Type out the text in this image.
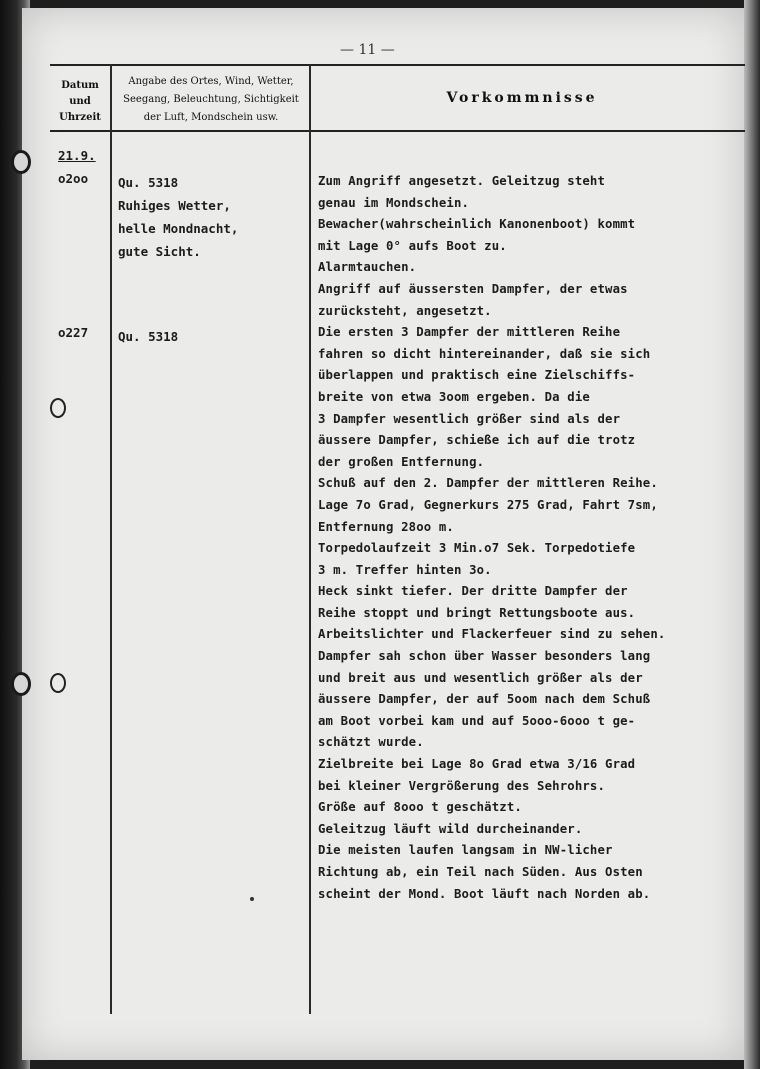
— 11 —
Datum
und
Uhrzeit
Angabe des Ortes, Wind, Wetter,
Seegang, Beleuchtung, Sichtigkeit
der Luft, Mondschein usw.
Vorkommnisse
21.9.
o2oo
o227
Qu. 5318
Ruhiges Wetter,
helle Mondnacht,
gute Sicht.
Qu. 5318
Zum Angriff angesetzt. Geleitzug steht
genau im Mondschein.
Bewacher(wahrscheinlich Kanonenboot) kommt
mit Lage 0° aufs Boot zu.
Alarmtauchen.
Angriff auf äussersten Dampfer, der etwas
zurücksteht, angesetzt.
Die ersten 3 Dampfer der mittleren Reihe
fahren so dicht hintereinander, daß sie sich
überlappen und praktisch eine Zielschiffs-
breite von etwa 3oom ergeben. Da die
3 Dampfer wesentlich größer sind als der
äussere Dampfer, schieße ich auf die trotz
der großen Entfernung.
Schuß auf den 2. Dampfer der mittleren Reihe.
Lage 7o Grad, Gegnerkurs 275 Grad, Fahrt 7sm,
Entfernung 28oo m.
Torpedolaufzeit 3 Min.o7 Sek. Torpedotiefe
3 m. Treffer hinten 3o.
Heck sinkt tiefer. Der dritte Dampfer der
Reihe stoppt und bringt Rettungsboote aus.
Arbeitslichter und Flackerfeuer sind zu sehen.
Dampfer sah schon über Wasser besonders lang
und breit aus und wesentlich größer als der
äussere Dampfer, der auf 5oom nach dem Schuß
am Boot vorbei kam und auf 5ooo-6ooo t ge-
schätzt wurde.
Zielbreite bei Lage 8o Grad etwa 3/16 Grad
bei kleiner Vergrößerung des Sehrohrs.
Größe auf 8ooo t geschätzt.
Geleitzug läuft wild durcheinander.
Die meisten laufen langsam in NW-licher
Richtung ab, ein Teil nach Süden. Aus Osten
scheint der Mond. Boot läuft nach Norden ab.
